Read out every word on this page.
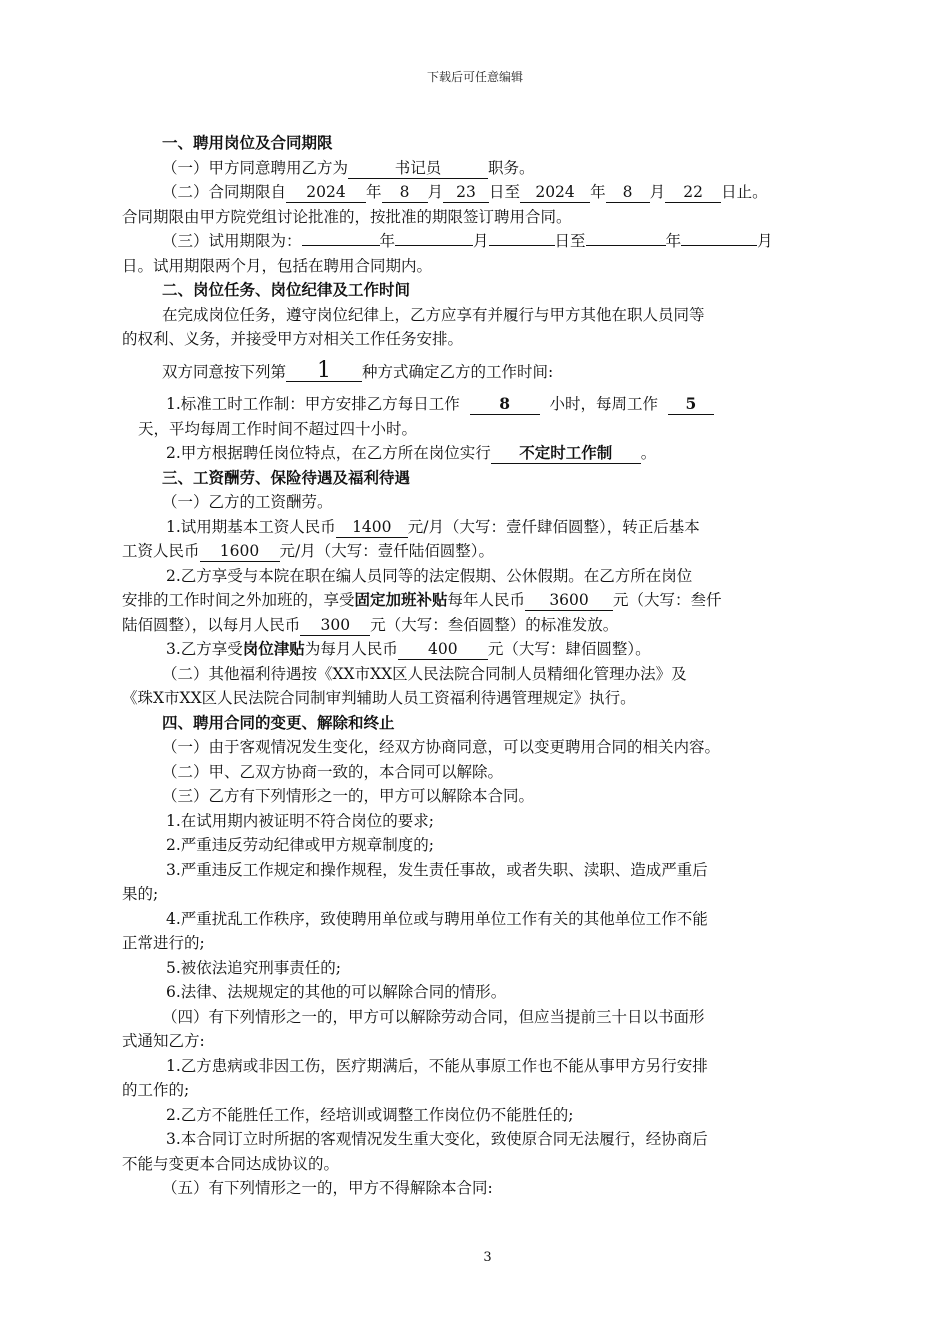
下载后可任意编辑
一、聘用岗位及合同期限
（一）甲方同意聘用乙方为	书记员	职务。
（二）合同期限自 2024 年 8 月 23 日至 2024 年 8 月 22 日止。
合同期限由甲方院党组讨论批准的，按批准的期限签订聘用合同。
（三）试用期限为：	年	月	日至	年	月
日。试用期限两个月，包括在聘用合同期内。
二、岗位任务、岗位纪律及工作时间
在完成岗位任务，遵守岗位纪律上，乙方应享有并履行与甲方其他在职人员同等
的权利、义务，并接受甲方对相关工作任务安排。
双方同意按下列第 1 种方式确定乙方的工作时间:
1.标准工时工作制：甲方安排乙方每日工作	8	小时，每周工作 5
天，平均每周工作时间不超过四十小时。
2.甲方根据聘任岗位特点，在乙方所在岗位实行 不定时工作制 。
三、工资酬劳、保险待遇及福利待遇
（一）乙方的工资酬劳。
1.试用期基本工资人民币 1400 元/月（大写：壹仟肆佰圆整），转正后基本
工资人民币 1600 元/月（大写：壹仟陆佰圆整）。
2.乙方享受与本院在职在编人员同等的法定假期、公休假期。在乙方所在岗位
安排的工作时间之外加班的，享受固定加班补贴每年人民币 3600 元（大写：叁仟
陆佰圆整），以每月人民币 300 元（大写：叁佰圆整）的标准发放。
3.乙方享受岗位津贴为每月人民币 400 元（大写：肆佰圆整）。
（二）其他福利待遇按《XX市XX区人民法院合同制人员精细化管理办法》及
《珠X市XX区人民法院合同制审判辅助人员工资福利待遇管理规定》执行。
四、聘用合同的变更、解除和终止
（一）由于客观情况发生变化，经双方协商同意，可以变更聘用合同的相关内容。
（二）甲、乙双方协商一致的，本合同可以解除。
（三）乙方有下列情形之一的，甲方可以解除本合同。
1.在试用期内被证明不符合岗位的要求;
2.严重违反劳动纪律或甲方规章制度的;
3.严重违反工作规定和操作规程，发生责任事故，或者失职、渎职、造成严重后
果的;
4.严重扰乱工作秩序，致使聘用单位或与聘用单位工作有关的其他单位工作不能
正常进行的;
5.被依法追究刑事责任的;
6.法律、法规规定的其他的可以解除合同的情形。
（四）有下列情形之一的，甲方可以解除劳动合同，但应当提前三十日以书面形
式通知乙方:
1.乙方患病或非因工伤，医疗期满后，不能从事原工作也不能从事甲方另行安排
的工作的;
2.乙方不能胜任工作，经培训或调整工作岗位仍不能胜任的;
3.本合同订立时所据的客观情况发生重大变化，致使原合同无法履行，经协商后
不能与变更本合同达成协议的。
（五）有下列情形之一的，甲方不得解除本合同:
3
